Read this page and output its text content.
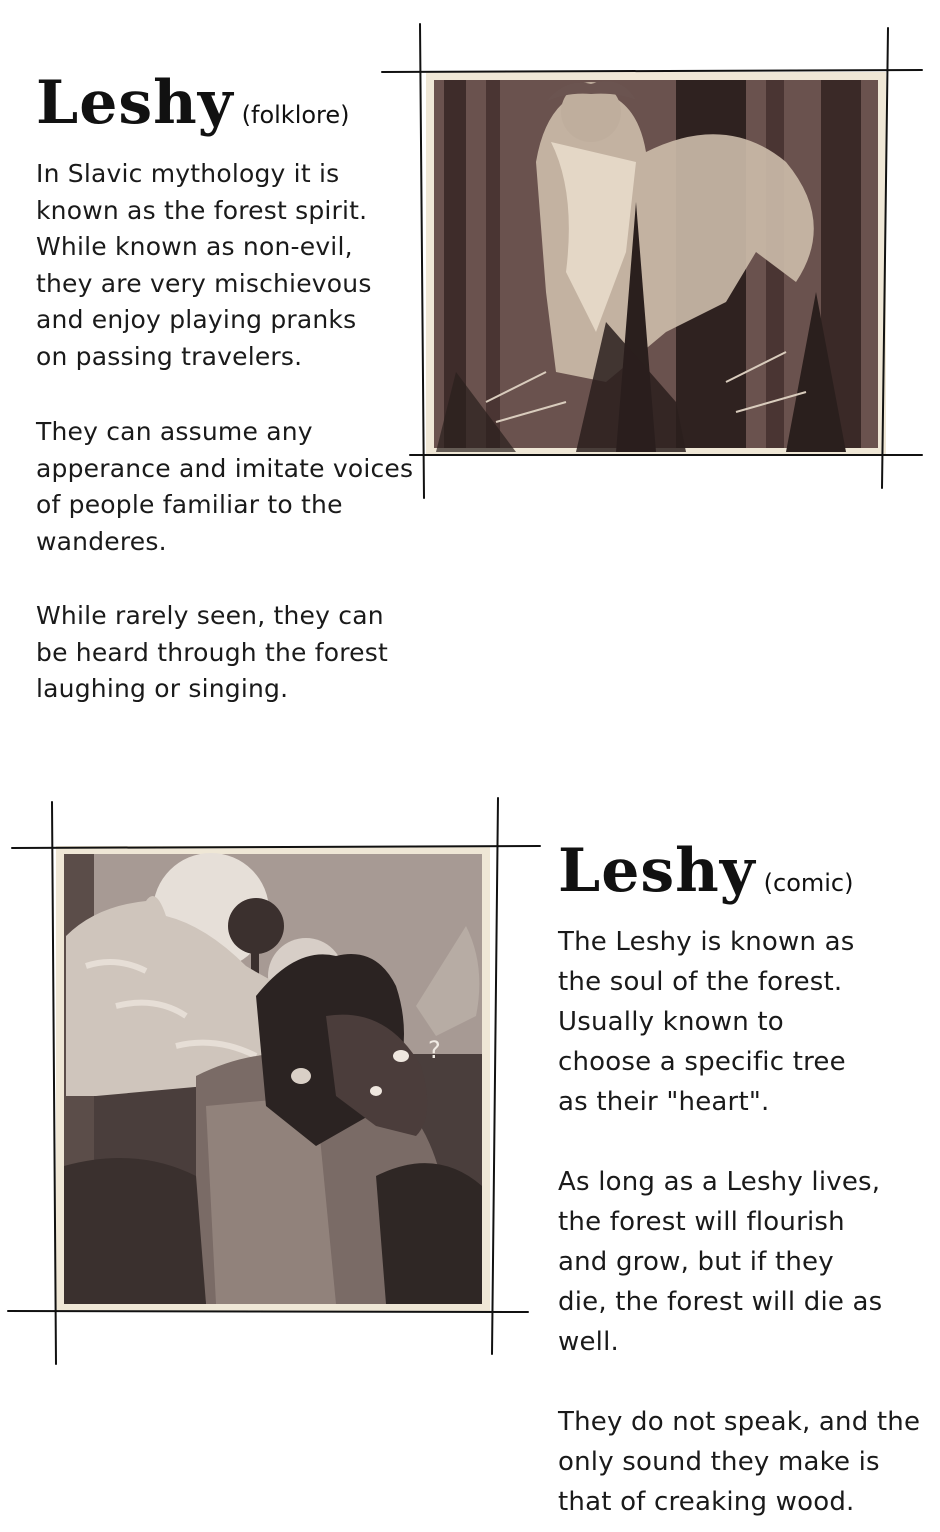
Leshy (folklore)

In Slavic mythology it is known as the forest spirit. While known as non-evil, they are very mischievous and enjoy playing pranks on passing travelers.

They can assume any apperance and imitate voices of people familiar to the wanderes.

While rarely seen, they can be heard through the forest laughing or singing.

Leshy (comic)

The Leshy is known as the soul of the forest. Usually known to choose a specific tree as their "heart".

As long as a Leshy lives, the forest will flourish and grow, but if they die, the forest will die as well.

They do not speak, and the only sound they make is that of creaking wood.

?
